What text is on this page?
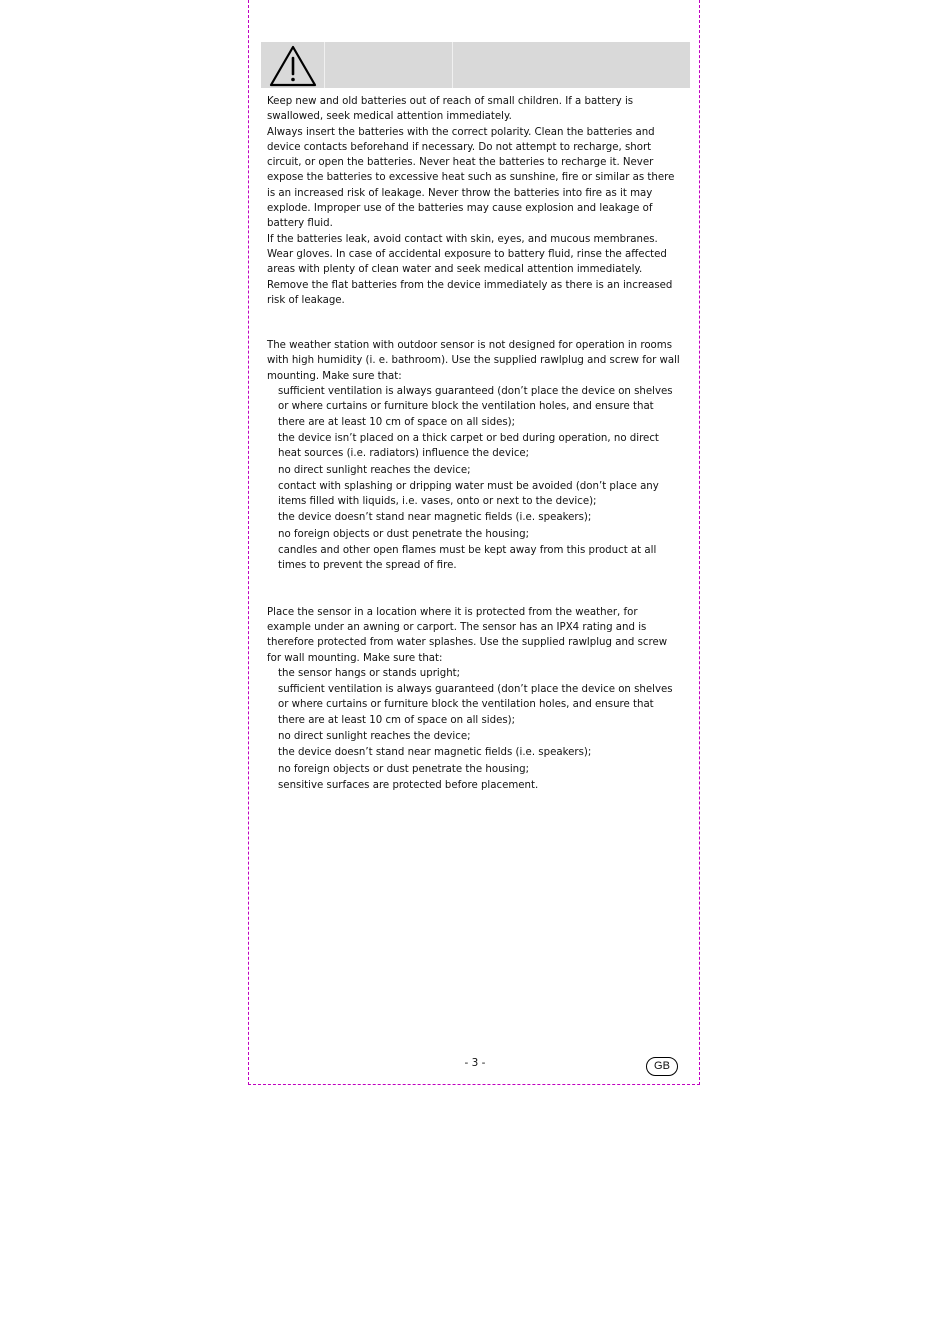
Keep new and old batteries out of reach of small children. If a battery is swallowed, seek medical attention immediately.

Always insert the batteries with the correct polarity. Clean the batteries and device contacts beforehand if necessary. Do not attempt to recharge, short circuit, or open the batteries. Never heat the batteries to recharge it. Never expose the batteries to excessive heat such as sunshine, fire or similar as there is an increased risk of leakage. Never throw the batteries into fire as it may explode. Improper use of the batteries may cause explosion and leakage of battery fluid.

If the batteries leak, avoid contact with skin, eyes, and mucous membranes. Wear gloves. In case of accidental exposure to battery fluid, rinse the affected areas with plenty of clean water and seek medical attention immediately. Remove the flat batteries from the device immediately as there is an increased risk of leakage.

The weather station with outdoor sensor is not designed for operation in rooms with high humidity (i. e. bathroom). Use the supplied rawlplug and screw for wall mounting. Make sure that:

sufficient ventilation is always guaranteed (don’t place the device on shelves or where curtains or furniture block the ventilation holes, and ensure that there are at least 10 cm of space on all sides);
the device isn’t placed on a thick carpet or bed during operation, no direct heat sources (i.e. radiators) influence the device;
no direct sunlight reaches the device;
contact with splashing or dripping water must be avoided (don’t place any items filled with liquids, i.e. vases, onto or next to the device);
the device doesn’t stand near magnetic fields (i.e. speakers);
no foreign objects or dust penetrate the housing;
candles and other open flames must be kept away from this product at all times to prevent the spread of fire.

Place the sensor in a location where it is protected from the weather, for example under an awning or carport. The sensor has an IPX4 rating and is therefore protected from water splashes. Use the supplied rawlplug and screw for wall mounting. Make sure that:

the sensor hangs or stands upright;
sufficient ventilation is always guaranteed (don’t place the device on shelves or where curtains or furniture block the ventilation holes, and ensure that there are at least 10 cm of space on all sides);
no direct sunlight reaches the device;
the device doesn’t stand near magnetic fields (i.e. speakers);
no foreign objects or dust penetrate the housing;
sensitive surfaces are protected before placement.
- 3 -	GB
